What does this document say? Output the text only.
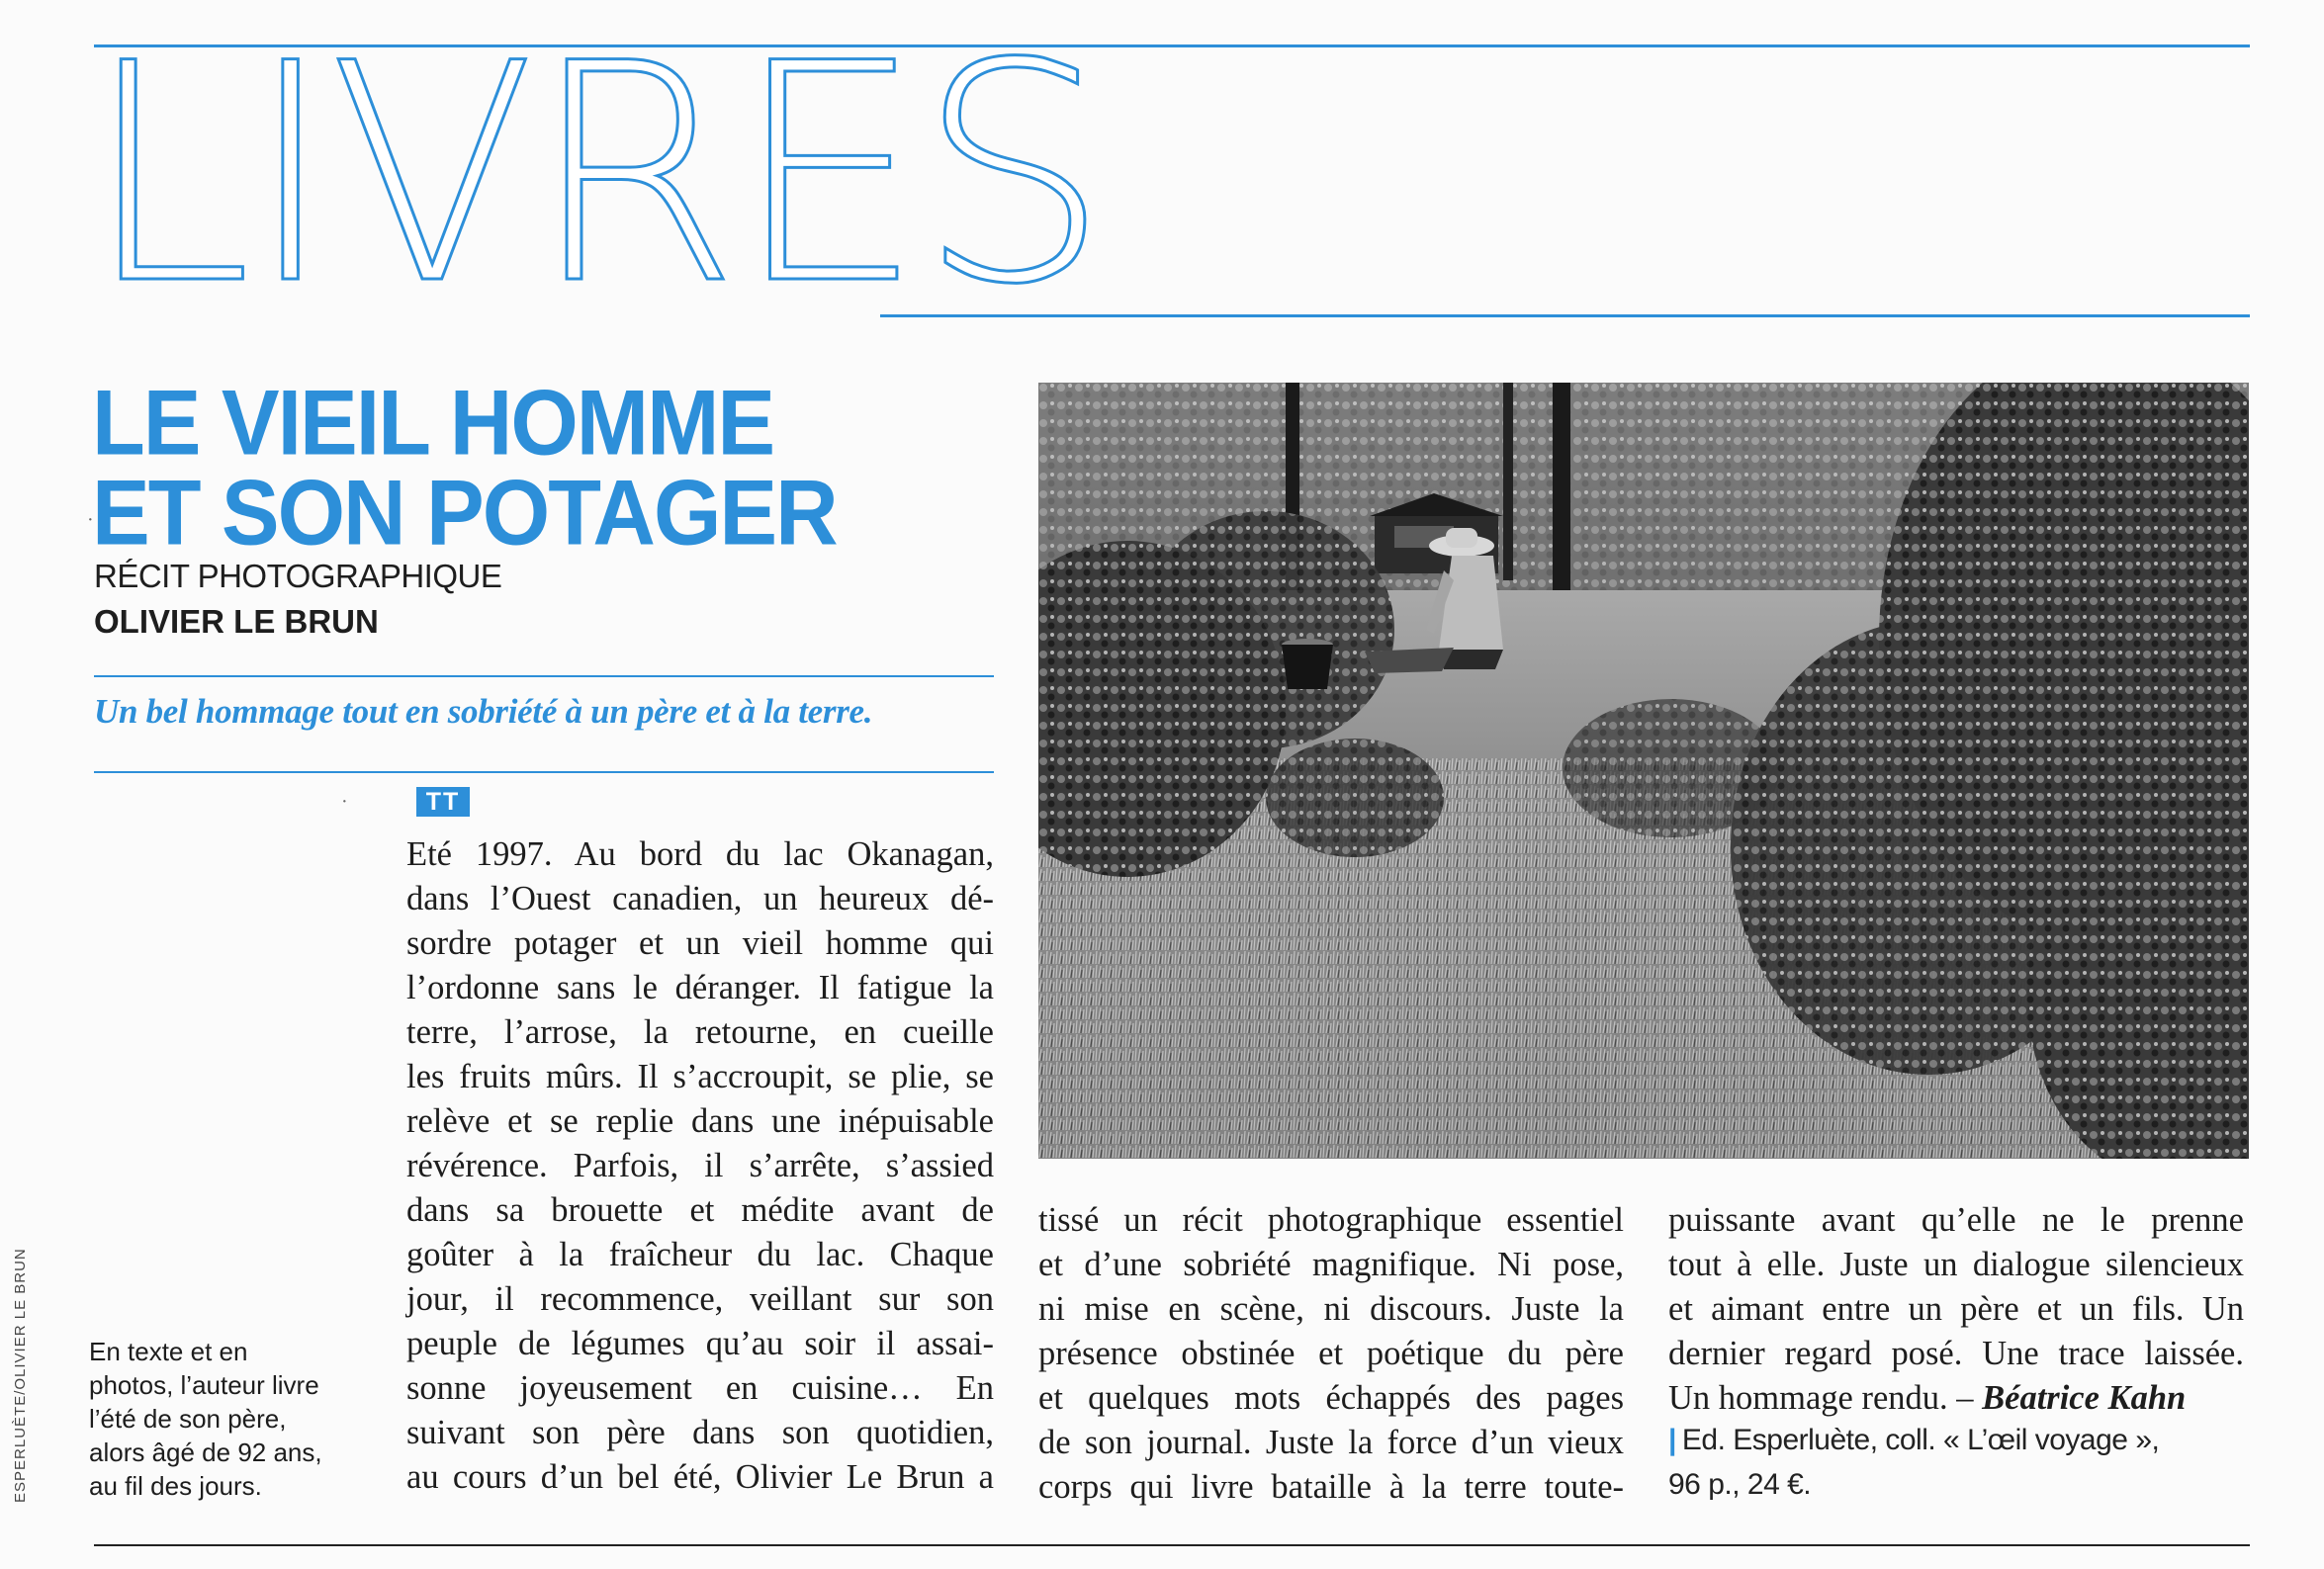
LIVRES
LE VIEIL HOMME
ET SON POTAGER
RÉCIT PHOTOGRAPHIQUE
OLIVIER LE BRUN
Un bel hommage tout en sobriété à un père et à la terre.
TT
Eté 1997. Au bord du lac Okanagan,
dans l’Ouest canadien, un heureux dé-
sordre potager et un vieil homme qui
l’ordonne sans le déranger. Il fatigue la
terre, l’arrose, la retourne, en cueille
les fruits mûrs. Il s’accroupit, se plie, se
relève et se replie dans une inépuisable
révérence. Parfois, il s’arrête, s’assied
dans sa brouette et médite avant de
goûter à la fraîcheur du lac. Chaque
jour, il recommence, veillant sur son
peuple de légumes qu’au soir il assai-
sonne joyeusement en cuisine… En
suivant son père dans son quotidien,
au cours d’un bel été, Olivier Le Brun a
tissé un récit photographique essentiel
et d’une sobriété magnifique. Ni pose,
ni mise en scène, ni discours. Juste la
présence obstinée et poétique du père
et quelques mots échappés des pages
de son journal. Juste la force d’un vieux
corps qui livre bataille à la terre toute-
puissante avant qu’elle ne le prenne
tout à elle. Juste un dialogue silencieux
et aimant entre un père et un fils. Un
dernier regard posé. Une trace laissée.
Un hommage rendu. – Béatrice Kahn
| Ed. Esperluète, coll. « L’œil voyage »,
96 p., 24 €.
En texte et en
photos, l’auteur livre
l’été de son père,
alors âgé de 92 ans,
au fil des jours.
ESPERLUÈTE/OLIVIER LE BRUN
·
·
